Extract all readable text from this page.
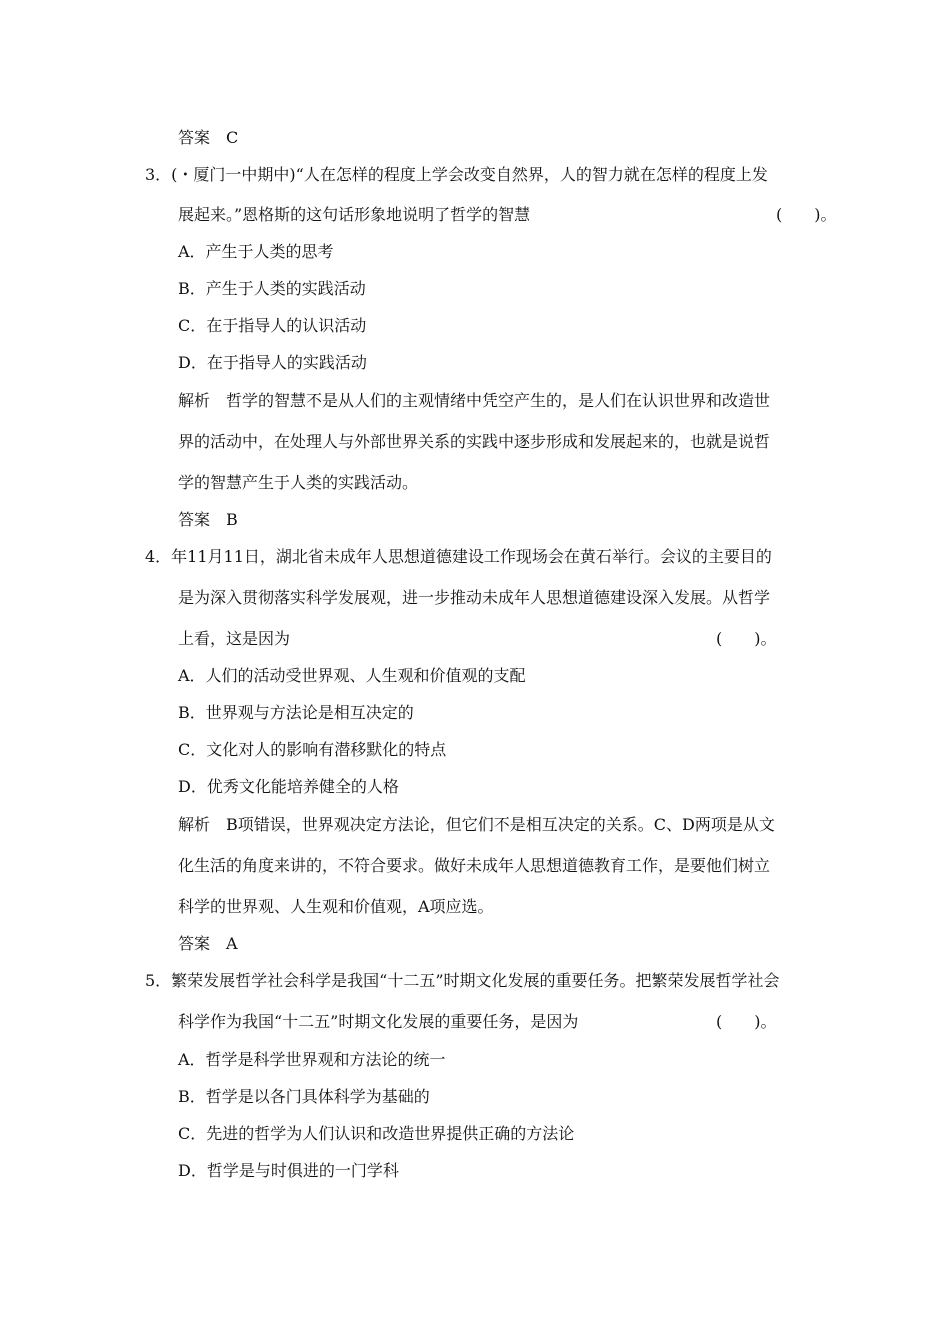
答案　C
3．(・厦门一中期中)“人在怎样的程度上学会改变自然界，人的智力就在怎样的程度上发
展起来。”恩格斯的这句话形象地说明了哲学的智慧	(　　)。
A．产生于人类的思考
B．产生于人类的实践活动
C．在于指导人的认识活动
D．在于指导人的实践活动
解析　哲学的智慧不是从人们的主观情绪中凭空产生的，是人们在认识世界和改造世
界的活动中，在处理人与外部世界关系的实践中逐步形成和发展起来的，也就是说哲
学的智慧产生于人类的实践活动。
答案　B
4．年11月11日，湖北省未成年人思想道德建设工作现场会在黄石举行。会议的主要目的
是为深入贯彻落实科学发展观，进一步推动未成年人思想道德建设深入发展。从哲学
上看，这是因为	(　　)。
A．人们的活动受世界观、人生观和价值观的支配
B．世界观与方法论是相互决定的
C．文化对人的影响有潜移默化的特点
D．优秀文化能培养健全的人格
解析　B项错误，世界观决定方法论，但它们不是相互决定的关系。C、D两项是从文
化生活的角度来讲的，不符合要求。做好未成年人思想道德教育工作，是要他们树立
科学的世界观、人生观和价值观，A项应选。
答案　A
5．繁荣发展哲学社会科学是我国“十二五”时期文化发展的重要任务。把繁荣发展哲学社会
科学作为我国“十二五”时期文化发展的重要任务，是因为	(　　)。
A．哲学是科学世界观和方法论的统一
B．哲学是以各门具体科学为基础的
C．先进的哲学为人们认识和改造世界提供正确的方法论
D．哲学是与时俱进的一门学科
